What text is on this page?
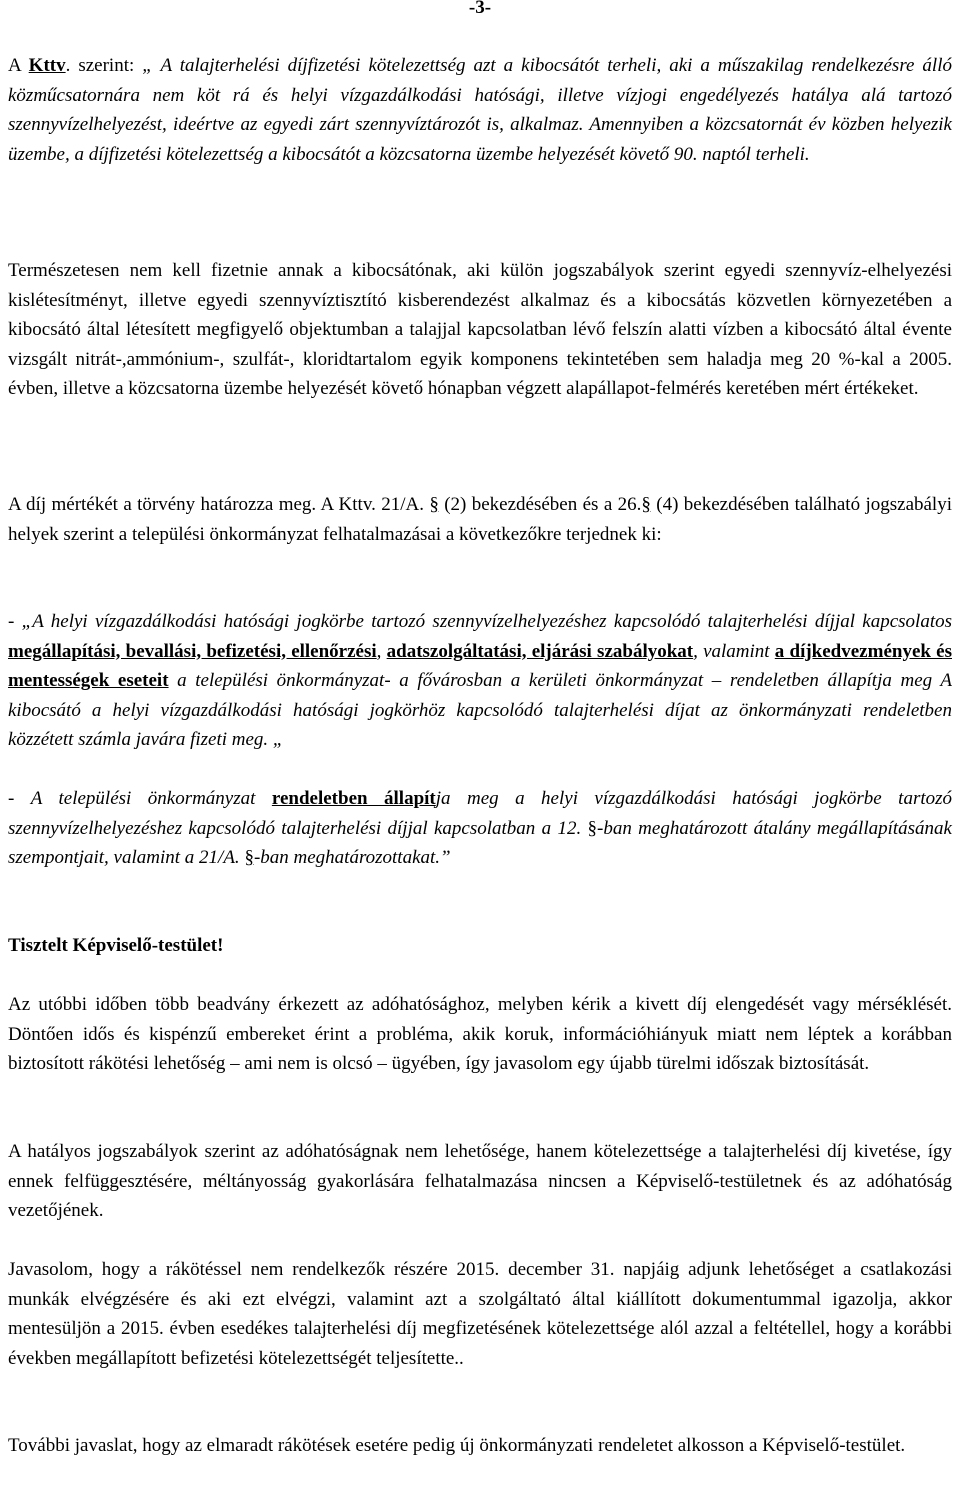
-3-

A Kttv. szerint: „ A talajterhelési díjfizetési kötelezettség azt a kibocsátót terheli, aki a műszakilag rendelkezésre álló közműcsatornára nem köt rá és helyi vízgazdálkodási hatósági, illetve vízjogi engedélyezés hatálya alá tartozó szennyvízelhelyezést, ideértve az egyedi zárt szennyvíztározót is, alkalmaz. Amennyiben a közcsatornát év közben helyezik üzembe, a díjfizetési kötelezettség a kibocsátót a közcsatorna üzembe helyezését követő 90. naptól terheli.

Természetesen nem kell fizetnie annak a kibocsátónak, aki külön jogszabályok szerint egyedi szennyvíz-elhelyezési kislétesítményt, illetve egyedi szennyvíztisztító kisberendezést alkalmaz és a kibocsátás közvetlen környezetében a kibocsátó által létesített megfigyelő objektumban a talajjal kapcsolatban lévő felszín alatti vízben a kibocsátó által évente vizsgált nitrát-,ammónium-, szulfát-, kloridtartalom egyik komponens tekintetében sem haladja meg 20 %-kal a 2005. évben, illetve a közcsatorna üzembe helyezését követő hónapban végzett alapállapot-felmérés keretében mért értékeket.

A díj mértékét a törvény határozza meg. A Kttv. 21/A. § (2) bekezdésében és a 26.§ (4) bekezdésében található jogszabályi helyek szerint a települési önkormányzat felhatalmazásai a következőkre terjednek ki:

- „A helyi vízgazdálkodási hatósági jogkörbe tartozó szennyvízelhelyezéshez kapcsolódó talajterhelési díjjal kapcsolatos megállapítási, bevallási, befizetési, ellenőrzési, adatszolgáltatási, eljárási szabályokat, valamint a díjkedvezmények és mentességek eseteit a települési önkormányzat- a fővárosban a kerületi önkormányzat – rendeletben állapítja meg A kibocsátó a helyi vízgazdálkodási hatósági jogkörhöz kapcsolódó talajterhelési díjat az önkormányzati rendeletben közzétett számla javára fizeti meg. „

- A települési önkormányzat rendeletben állapítja meg a helyi vízgazdálkodási hatósági jogkörbe tartozó szennyvízelhelyezéshez kapcsolódó talajterhelési díjjal kapcsolatban a 12. §-ban meghatározott átalány megállapításának szempontjait, valamint a 21/A. §-ban meghatározottakat.”

Tisztelt Képviselő-testület!

Az utóbbi időben több beadvány érkezett az adóhatósághoz, melyben kérik a kivett díj elengedését vagy mérséklését. Döntően idős és kispénzű embereket érint a probléma, akik koruk, információhiányuk miatt nem léptek a korábban biztosított rákötési lehetőség – ami nem is olcsó – ügyében, így javasolom egy újabb türelmi időszak biztosítását.

A hatályos jogszabályok szerint az adóhatóságnak nem lehetősége, hanem kötelezettsége a talajterhelési díj kivetése, így ennek felfüggesztésére, méltányosság gyakorlására felhatalmazása nincsen a Képviselő-testületnek és az adóhatóság vezetőjének.

Javasolom, hogy a rákötéssel nem rendelkezők részére 2015. december 31. napjáig adjunk lehetőséget a csatlakozási munkák elvégzésére és aki ezt elvégzi, valamint azt a szolgáltató által kiállított dokumentummal igazolja, akkor mentesüljön a 2015. évben esedékes talajterhelési díj megfizetésének kötelezettsége alól azzal a feltétellel, hogy a korábbi években megállapított befizetési kötelezettségét teljesítette..

További javaslat, hogy az elmaradt rákötések esetére pedig új önkormányzati rendeletet alkosson a Képviselő-testület.
